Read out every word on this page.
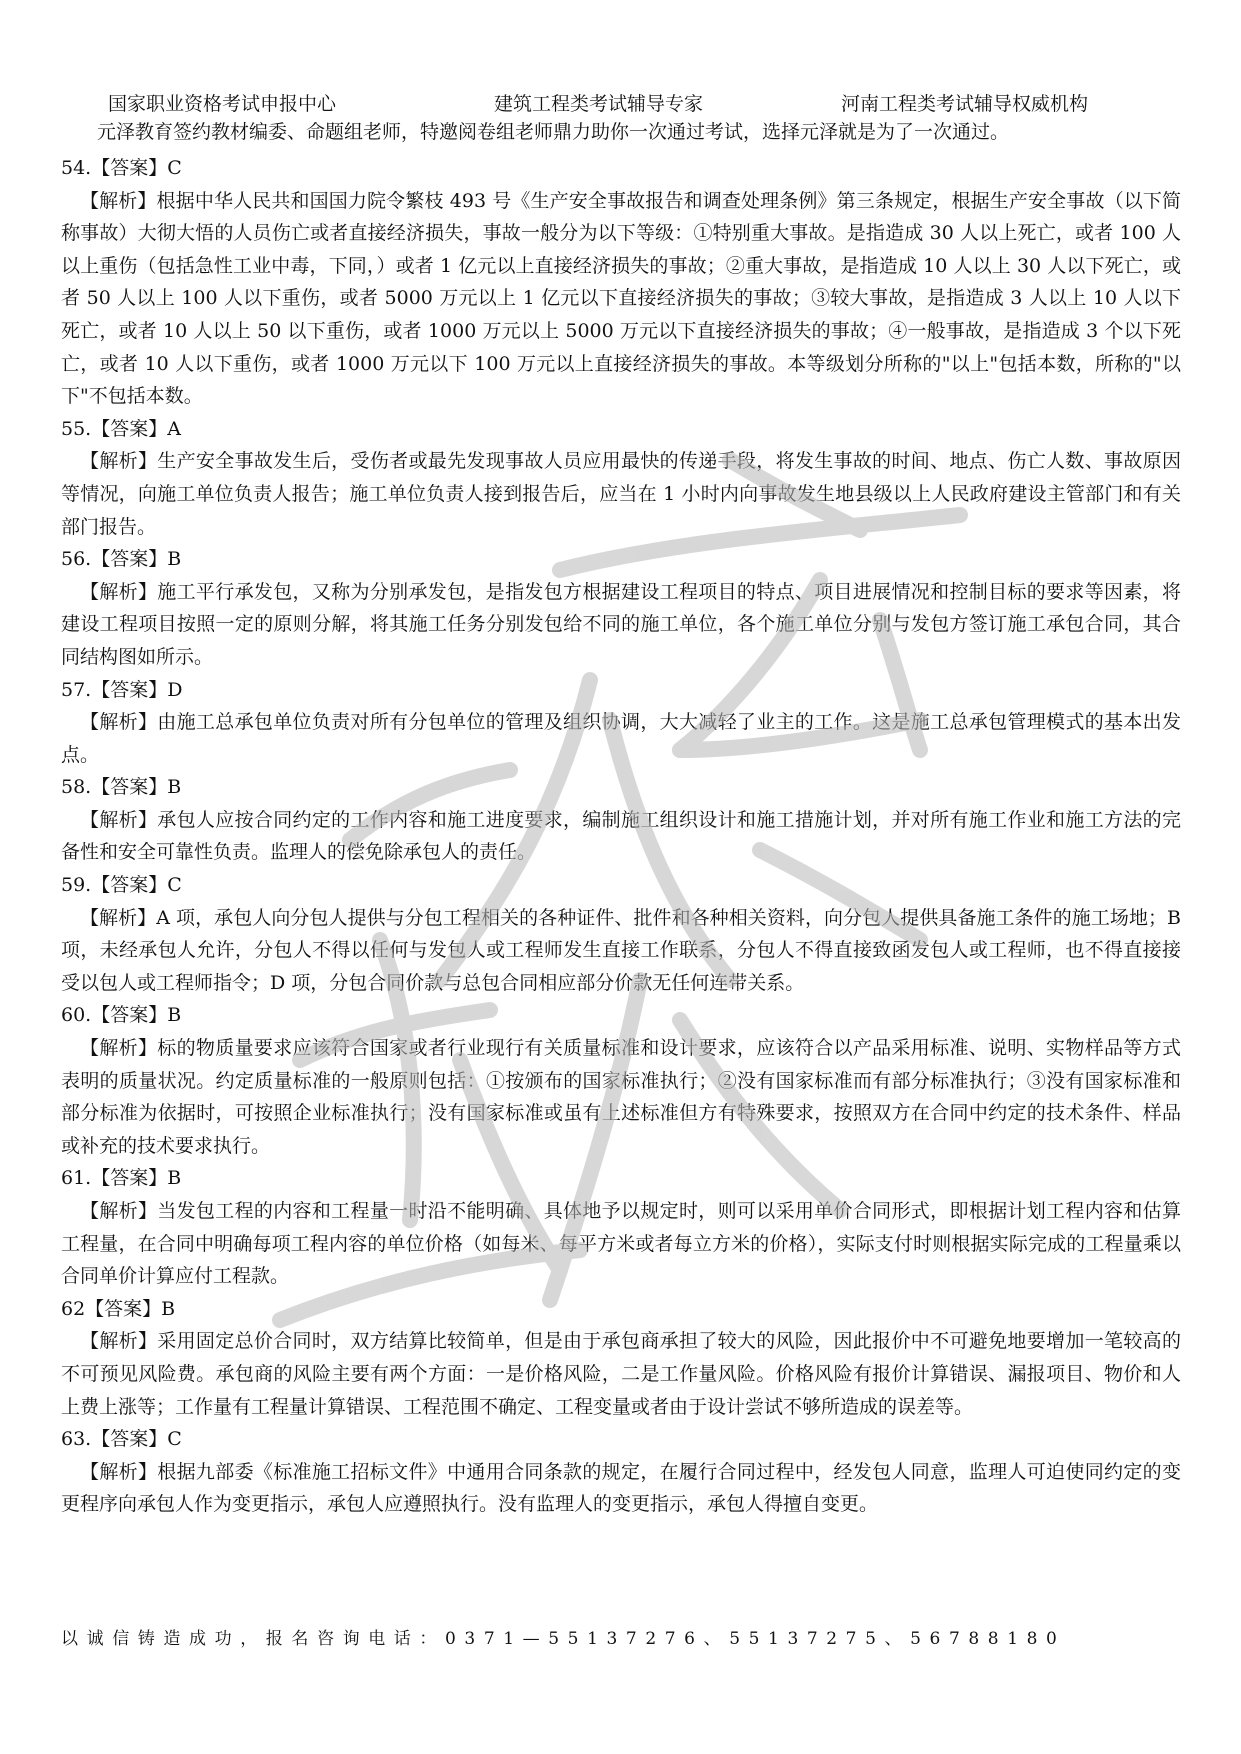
国家职业资格考试申报中心	建筑工程类考试辅导专家	河南工程类考试辅导权威机构
元泽教育签约教材编委、命题组老师，特邀阅卷组老师鼎力助你一次通过考试，选择元泽就是为了一次通过。

54.【答案】C

【解析】根据中华人民共和国国力院令繁枝 493 号《生产安全事故报告和调查处理条例》第三条规定，根据生产安全事故（以下简称事故）大彻大悟的人员伤亡或者直接经济损失，事故一般分为以下等级：①特别重大事故。是指造成 30 人以上死亡，或者 100 人以上重伤（包括急性工业中毒，下同，）或者 1 亿元以上直接经济损失的事故；②重大事故，是指造成 10 人以上 30 人以下死亡，或者 50 人以上 100 人以下重伤，或者 5000 万元以上 1 亿元以下直接经济损失的事故；③较大事故，是指造成 3 人以上 10 人以下死亡，或者 10 人以上 50 以下重伤，或者 1000 万元以上 5000 万元以下直接经济损失的事故；④一般事故，是指造成 3 个以下死亡，或者 10 人以下重伤，或者 1000 万元以下 100 万元以上直接经济损失的事故。本等级划分所称的"以上"包括本数，所称的"以下"不包括本数。

55.【答案】A

【解析】生产安全事故发生后，受伤者或最先发现事故人员应用最快的传递手段，将发生事故的时间、地点、伤亡人数、事故原因等情况，向施工单位负责人报告；施工单位负责人接到报告后，应当在 1 小时内向事故发生地县级以上人民政府建设主管部门和有关部门报告。

56.【答案】B

【解析】施工平行承发包，又称为分别承发包，是指发包方根据建设工程项目的特点、项目进展情况和控制目标的要求等因素，将建设工程项目按照一定的原则分解，将其施工任务分别发包给不同的施工单位，各个施工单位分别与发包方签订施工承包合同，其合同结构图如所示。

57.【答案】D

【解析】由施工总承包单位负责对所有分包单位的管理及组织协调，大大减轻了业主的工作。这是施工总承包管理模式的基本出发点。

58.【答案】B

【解析】承包人应按合同约定的工作内容和施工进度要求，编制施工组织设计和施工措施计划，并对所有施工作业和施工方法的完备性和安全可靠性负责。监理人的偿免除承包人的责任。

59.【答案】C

【解析】A 项，承包人向分包人提供与分包工程相关的各种证件、批件和各种相关资料，向分包人提供具备施工条件的施工场地；B 项，未经承包人允许，分包人不得以任何与发包人或工程师发生直接工作联系，分包人不得直接致函发包人或工程师，也不得直接接受以包人或工程师指令；D 项，分包合同价款与总包合同相应部分价款无任何连带关系。

60.【答案】B

【解析】标的物质量要求应该符合国家或者行业现行有关质量标准和设计要求，应该符合以产品采用标准、说明、实物样品等方式表明的质量状况。约定质量标准的一般原则包括：①按颁布的国家标准执行；②没有国家标准而有部分标准执行；③没有国家标准和部分标准为依据时，可按照企业标准执行；没有国家标准或虽有上述标准但方有特殊要求，按照双方在合同中约定的技术条件、样品或补充的技术要求执行。

61.【答案】B

【解析】当发包工程的内容和工程量一时沿不能明确、具体地予以规定时，则可以采用单价合同形式，即根据计划工程内容和估算工程量，在合同中明确每项工程内容的单位价格（如每米、每平方米或者每立方米的价格），实际支付时则根据实际完成的工程量乘以合同单价计算应付工程款。

62【答案】B

【解析】采用固定总价合同时，双方结算比较简单，但是由于承包商承担了较大的风险，因此报价中不可避免地要增加一笔较高的不可预见风险费。承包商的风险主要有两个方面：一是价格风险，二是工作量风险。价格风险有报价计算错误、漏报项目、物价和人上费上涨等；工作量有工程量计算错误、工程范围不确定、工程变量或者由于设计尝试不够所造成的误差等。

63.【答案】C

【解析】根据九部委《标准施工招标文件》中通用合同条款的规定，在履行合同过程中，经发包人同意，监理人可迫使同约定的变更程序向承包人作为变更指示，承包人应遵照执行。没有监理人的变更指示，承包人得擅自变更。

以诚信铸造成功，报名咨询电话：0371—55137276、55137275、56788180
